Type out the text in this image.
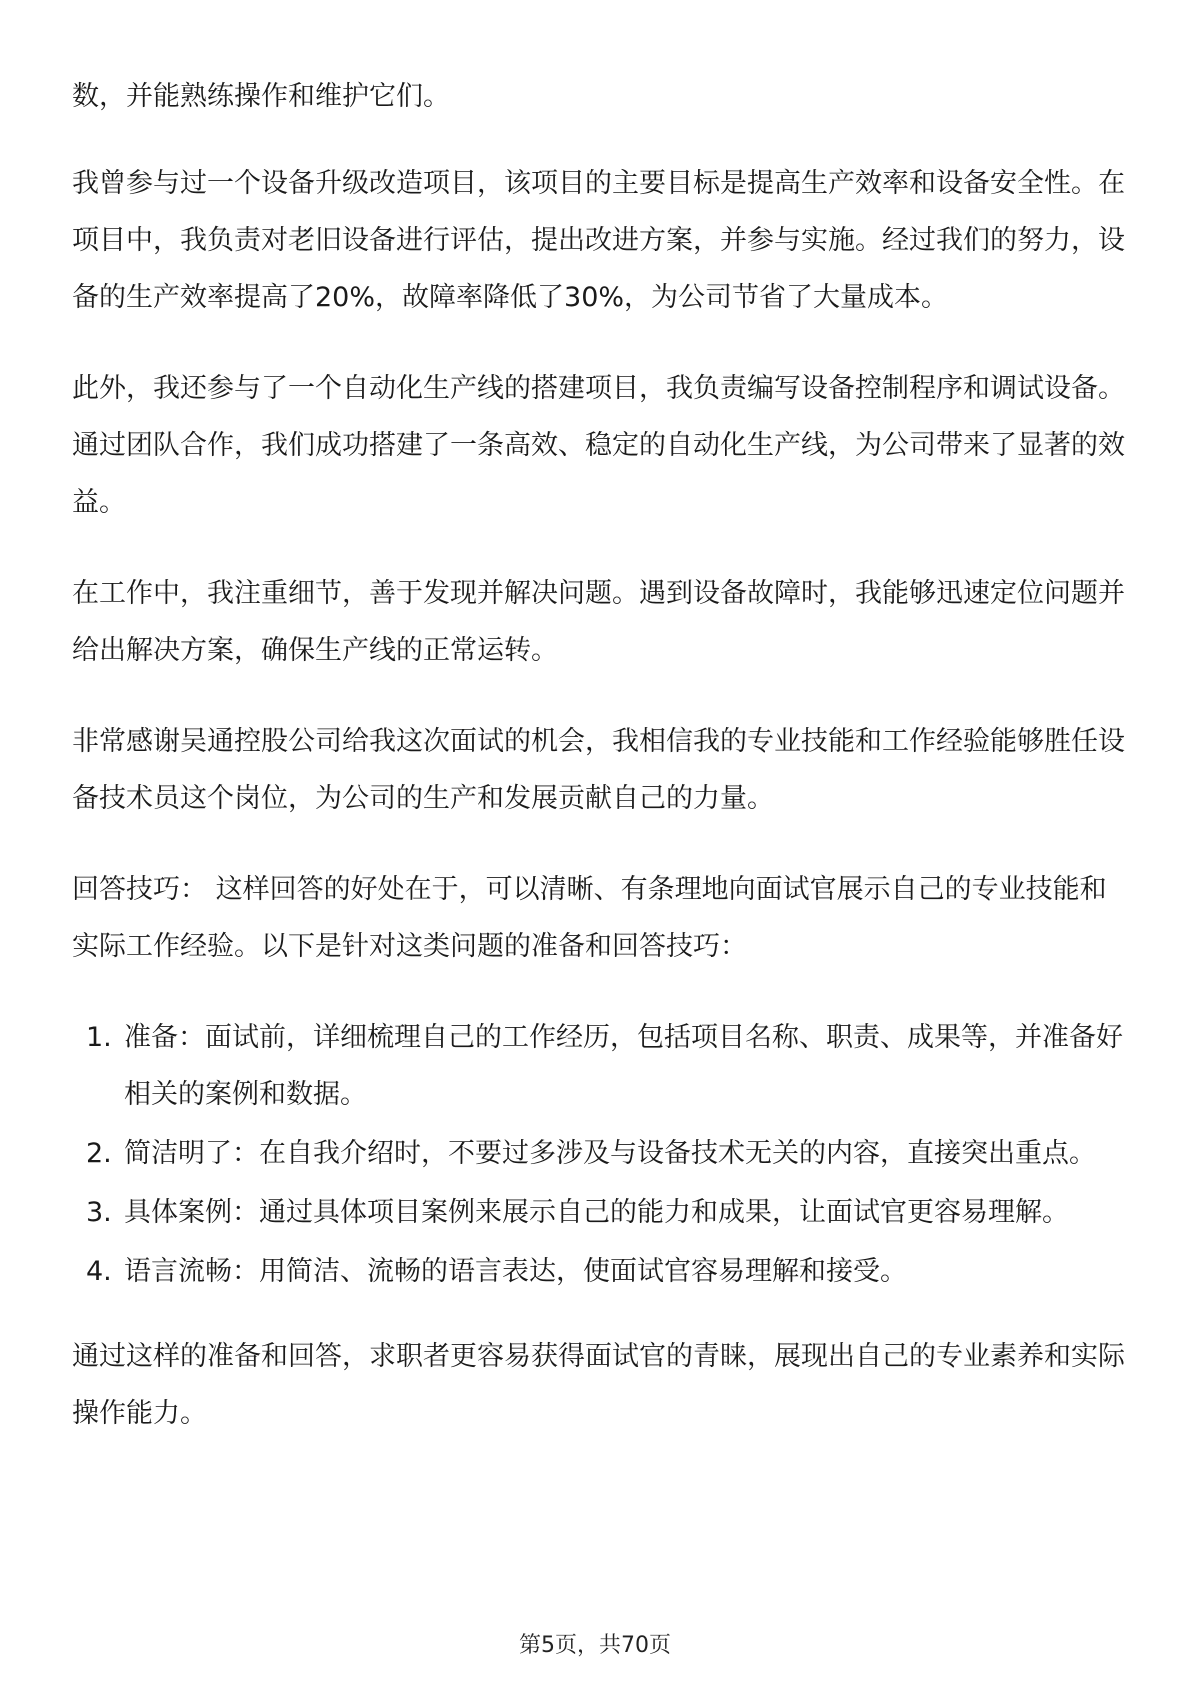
数，并能熟练操作和维护它们。

我曾参与过一个设备升级改造项目，该项目的主要目标是提高生产效率和设备安全性。在项目中，我负责对老旧设备进行评估，提出改进方案，并参与实施。经过我们的努力，设备的生产效率提高了20%，故障率降低了30%，为公司节省了大量成本。

此外，我还参与了一个自动化生产线的搭建项目，我负责编写设备控制程序和调试设备。通过团队合作，我们成功搭建了一条高效、稳定的自动化生产线，为公司带来了显著的效益。

在工作中，我注重细节，善于发现并解决问题。遇到设备故障时，我能够迅速定位问题并给出解决方案，确保生产线的正常运转。

非常感谢吴通控股公司给我这次面试的机会，我相信我的专业技能和工作经验能够胜任设备技术员这个岗位，为公司的生产和发展贡献自己的力量。

回答技巧： 这样回答的好处在于，可以清晰、有条理地向面试官展示自己的专业技能和实际工作经验。以下是针对这类问题的准备和回答技巧：

1. 准备：面试前，详细梳理自己的工作经历，包括项目名称、职责、成果等，并准备好相关的案例和数据。
2. 简洁明了：在自我介绍时，不要过多涉及与设备技术无关的内容，直接突出重点。
3. 具体案例：通过具体项目案例来展示自己的能力和成果，让面试官更容易理解。
4. 语言流畅：用简洁、流畅的语言表达，使面试官容易理解和接受。

通过这样的准备和回答，求职者更容易获得面试官的青睐，展现出自己的专业素养和实际操作能力。

第5页，共70页
